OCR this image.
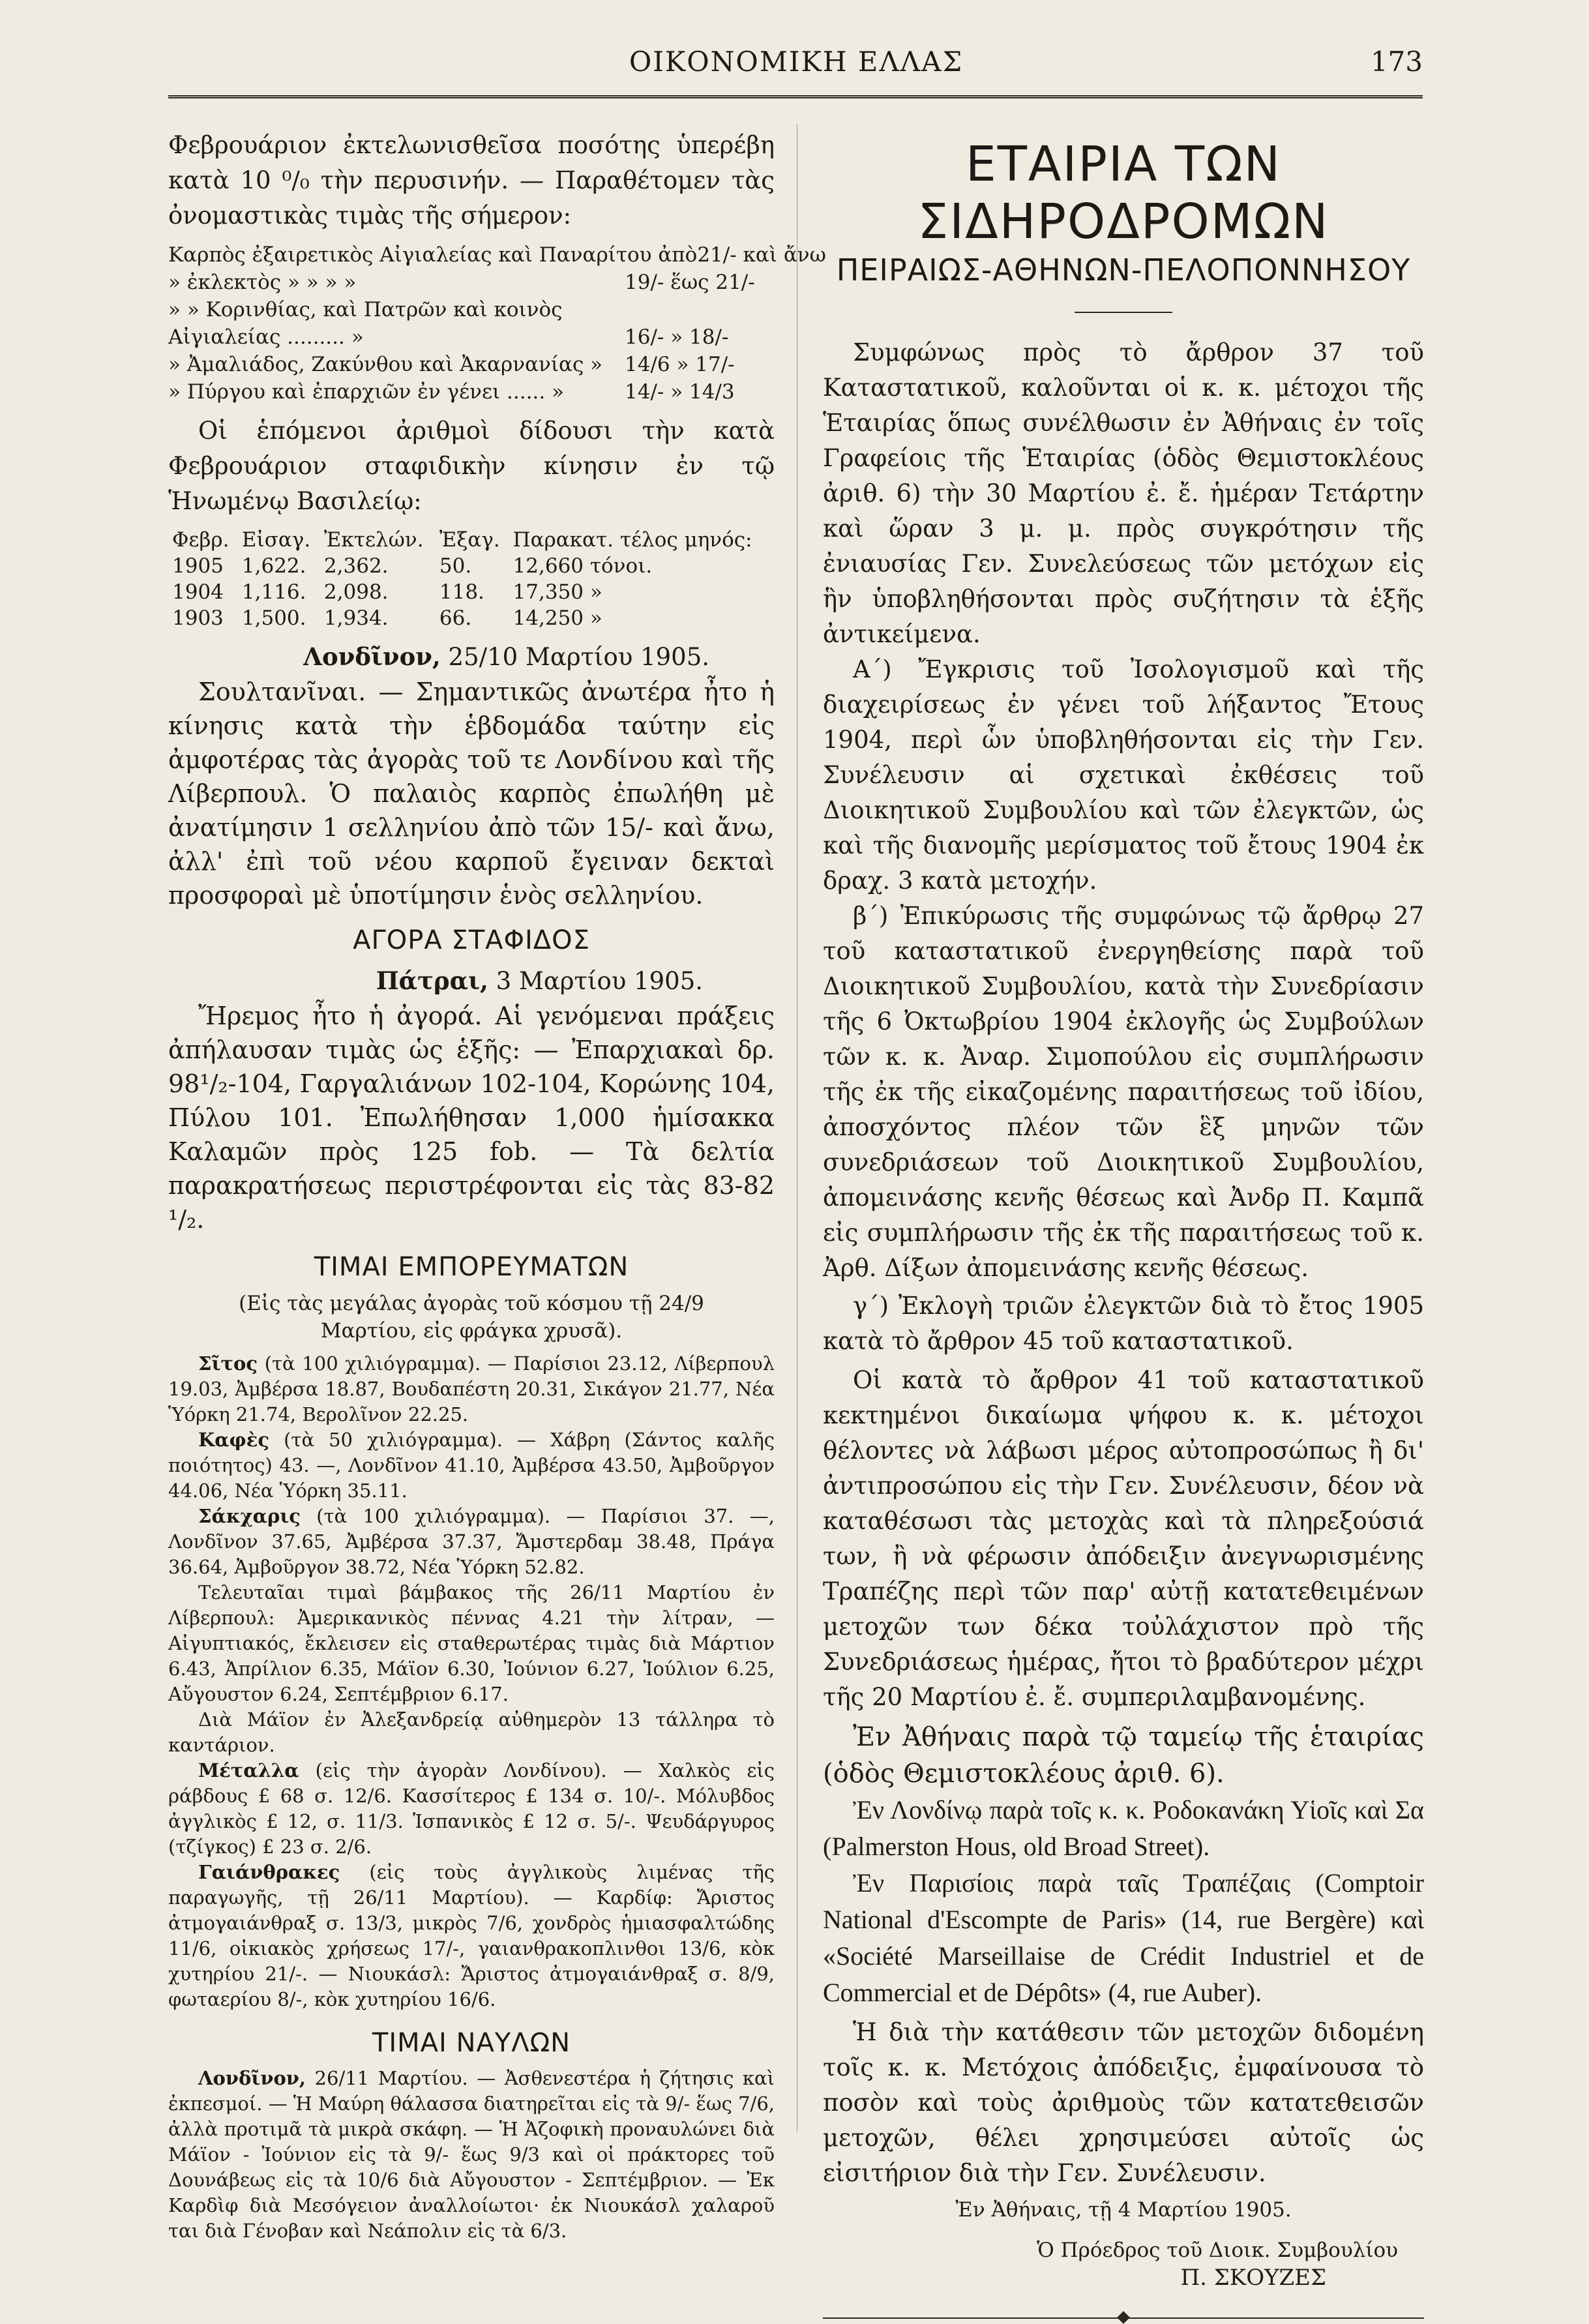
ΟΙΚΟΝΟΜΙΚΗ ΕΛΛΑΣ	173

Φεβρουάριον ἐκτελωνισθεῖσα ποσότης ὑπερέβη κατὰ 10 ⁰/₀ τὴν περυσινήν. — Παραθέτομεν τὰς ὀνομαστικὰς τιμὰς τῆς σήμερον:

Καρπὸς ἐξαιρετικὸς Αἰγιαλείας καὶ Παναρίτου ἀπὸ 21/- καὶ ἄνω
» ἐκλεκτὸς » » » »	19/- ἕως 21/-
» » Κορινθίας, καὶ Πατρῶν καὶ κοινὸς Αἰγιαλείας ......... »	16/- » 18/-
» Ἀμαλιάδος, Ζακύνθου καὶ Ἀκαρνανίας »	14/6 » 17/-
» Πύργου καὶ ἐπαρχιῶν ἐν γένει ...... »	14/- » 14/3

Οἱ ἑπόμενοι ἀριθμοὶ δίδουσι τὴν κατὰ Φεβρουάριον σταφιδικὴν κίνησιν ἐν τῷ Ἡνωμένῳ Βασιλείῳ:

Φεβρ.	Εἰσαγ.	Ἐκτελών.	Ἐξαγ.	Παρακατ. τέλος μηνός:
1905	1,622.	2,362.	50.	12,660 τόνοι.
1904	1,116.	2,098.	118.	17,350 »
1903	1,500.	1,934.	66.	14,250 »

Λονδῖνον, 25/10 Μαρτίου 1905.

Σουλτανῖναι. — Σημαντικῶς ἀνωτέρα ἦτο ἡ κίνησις κατὰ τὴν ἑβδομάδα ταύτην εἰς ἀμφοτέρας τὰς ἀγορὰς τοῦ τε Λονδίνου καὶ τῆς Λίβερπουλ. Ὁ παλαιὸς καρπὸς ἐπωλήθη μὲ ἀνατίμησιν 1 σελληνίου ἀπὸ τῶν 15/- καὶ ἄνω, ἀλλ' ἐπὶ τοῦ νέου καρποῦ ἔγειναν δεκταὶ προσφοραὶ μὲ ὑποτίμησιν ἑνὸς σελληνίου.

ΑΓΟΡΑ ΣΤΑΦΙΔΟΣ

Πάτραι, 3 Μαρτίου 1905.

Ἤρεμος ἦτο ἡ ἀγορά. Αἱ γενόμεναι πράξεις ἀπήλαυσαν τιμὰς ὡς ἑξῆς: — Ἐπαρχιακαὶ δρ. 98¹/₂-104, Γαργαλιάνων 102-104, Κορώνης 104, Πύλου 101. Ἐπωλήθησαν 1,000 ἡμίσακκα Καλαμῶν πρὸς 125 fob. — Τὰ δελτία παρακρατήσεως περιστρέφονται εἰς τὰς 83-82 ¹/₂.

ΤΙΜΑΙ ΕΜΠΟΡΕΥΜΑΤΩΝ

(Εἰς τὰς μεγάλας ἀγορὰς τοῦ κόσμου τῇ 24/9 Μαρτίου, εἰς φράγκα χρυσᾶ).

Σῖτος (τὰ 100 χιλιόγραμμα). — Παρίσιοι 23.12, Λίβερπουλ 19.03, Ἀμβέρσα 18.87, Βουδαπέστη 20.31, Σικάγον 21.77, Νέα Ὑόρκη 21.74, Βερολῖνον 22.25.

Καφὲς (τὰ 50 χιλιόγραμμα). — Χάβρη (Σάντος καλῆς ποιότητος) 43. —, Λονδῖνον 41.10, Ἀμβέρσα 43.50, Ἀμβοῦργον 44.06, Νέα Ὑόρκη 35.11.

Σάκχαρις (τὰ 100 χιλιόγραμμα). — Παρίσιοι 37. —, Λονδῖνον 37.65, Ἀμβέρσα 37.37, Ἄμστερδαμ 38.48, Πράγα 36.64, Ἀμβοῦργον 38.72, Νέα Ὑόρκη 52.82.

Τελευταῖαι τιμαὶ βάμβακος τῆς 26/11 Μαρτίου ἐν Λίβερπουλ: Ἀμερικανικὸς πέννας 4.21 τὴν λίτραν, — Αἰγυπτιακός, ἔκλεισεν εἰς σταθερωτέρας τιμὰς διὰ Μάρτιον 6.43, Ἀπρίλιον 6.35, Μάϊον 6.30, Ἰούνιον 6.27, Ἰούλιον 6.25, Αὔγουστον 6.24, Σεπτέμβριον 6.17.

Διὰ Μάϊον ἐν Ἀλεξανδρείᾳ αὐθημερὸν 13 τάλληρα τὸ καντάριον.

Μέταλλα (εἰς τὴν ἀγορὰν Λονδίνου). — Χαλκὸς εἰς ράβδους £ 68 σ. 12/6. Κασσίτερος £ 134 σ. 10/-. Μόλυβδος ἀγγλικὸς £ 12, σ. 11/3. Ἱσπανικὸς £ 12 σ. 5/-. Ψευδάργυρος (τζίγκος) £ 23 σ. 2/6.

Γαιάνθρακες (εἰς τοὺς ἀγγλικοὺς λιμένας τῆς παραγωγῆς, τῇ 26/11 Μαρτίου). — Καρδίφ: Ἄριστος ἀτμογαιάνθραξ σ. 13/3, μικρὸς 7/6, χονδρὸς ἡμιασφαλτώδης 11/6, οἰκιακὸς χρήσεως 17/-, γαιανθρακοπλινθοι 13/6, κὸκ χυτηρίου 21/-. — Νιουκάσλ: Ἄριστος ἀτμογαιάνθραξ σ. 8/9, φωταερίου 8/-, κὸκ χυτηρίου 16/6.

ΤΙΜΑΙ ΝΑΥΛΩΝ

Λονδῖνον, 26/11 Μαρτίου. — Ἀσθενεστέρα ἡ ζήτησις καὶ ἐκπεσμοί. — Ἡ Μαύρη θάλασσα διατηρεῖται εἰς τὰ 9/- ἕως 7/6, ἀλλὰ προτιμᾶ τὰ μικρὰ σκάφη. — Ἡ Ἀζοφικὴ προναυλώνει διὰ Μάϊον - Ἰούνιον εἰς τὰ 9/- ἕως 9/3 καὶ οἱ πράκτορες τοῦ Δουνάβεως εἰς τὰ 10/6 διὰ Αὔγουστον - Σεπτέμβριον. — Ἐκ Καρδὶφ διὰ Μεσόγειον ἀναλλοίωτοι· ἐκ Νιουκάσλ χαλαροῦ ται διὰ Γένοβαν καὶ Νεάπολιν εἰς τὰ 6/3.

ΕΤΑΙΡΙΑ ΤΩΝ ΣΙΔΗΡΟΔΡΟΜΩΝ
ΠΕΙΡΑΙΩΣ-ΑΘΗΝΩΝ-ΠΕΛΟΠΟΝΝΗΣΟΥ

Συμφώνως πρὸς τὸ ἄρθρον 37 τοῦ Καταστατικοῦ, καλοῦνται οἱ κ. κ. μέτοχοι τῆς Ἑταιρίας ὅπως συνέλθωσιν ἐν Ἀθήναις ἐν τοῖς Γραφείοις τῆς Ἑταιρίας (ὁδὸς Θεμιστοκλέους ἀριθ. 6) τὴν 30 Μαρτίου ἐ. ἔ. ἡμέραν Τετάρτην καὶ ὥραν 3 μ. μ. πρὸς συγκρότησιν τῆς ἐνιαυσίας Γεν. Συνελεύσεως τῶν μετόχων εἰς ἣν ὑποβληθήσονται πρὸς συζήτησιν τὰ ἑξῆς ἀντικείμενα.

Α΄) Ἔγκρισις τοῦ Ἰσολογισμοῦ καὶ τῆς διαχειρίσεως ἐν γένει τοῦ λήξαντος Ἔτους 1904, περὶ ὧν ὑποβληθήσονται εἰς τὴν Γεν. Συνέλευσιν αἱ σχετικαὶ ἐκθέσεις τοῦ Διοικητικοῦ Συμβουλίου καὶ τῶν ἐλεγκτῶν, ὡς καὶ τῆς διανομῆς μερίσματος τοῦ ἔτους 1904 ἐκ δραχ. 3 κατὰ μετοχήν.

β΄) Ἐπικύρωσις τῆς συμφώνως τῷ ἄρθρῳ 27 τοῦ καταστατικοῦ ἐνεργηθείσης παρὰ τοῦ Διοικητικοῦ Συμβουλίου, κατὰ τὴν Συνεδρίασιν τῆς 6 Ὀκτωβρίου 1904 ἐκλογῆς ὡς Συμβούλων τῶν κ. κ. Ἀναρ. Σιμοπούλου εἰς συμπλήρωσιν τῆς ἐκ τῆς εἰκαζομένης παραιτήσεως τοῦ ἰδίου, ἀποσχόντος πλέον τῶν ἓξ μηνῶν τῶν συνεδριάσεων τοῦ Διοικητικοῦ Συμβουλίου, ἀπομεινάσης κενῆς θέσεως καὶ Ἀνδρ Π. Καμπᾶ εἰς συμπλήρωσιν τῆς ἐκ τῆς παραιτήσεως τοῦ κ. Ἀρθ. Δίξων ἀπομεινάσης κενῆς θέσεως.

γ΄) Ἐκλογὴ τριῶν ἐλεγκτῶν διὰ τὸ ἔτος 1905 κατὰ τὸ ἄρθρον 45 τοῦ καταστατικοῦ.

Οἱ κατὰ τὸ ἄρθρον 41 τοῦ καταστατικοῦ κεκτημένοι δικαίωμα ψήφου κ. κ. μέτοχοι θέλοντες νὰ λάβωσι μέρος αὐτοπροσώπως ἢ δι' ἀντιπροσώπου εἰς τὴν Γεν. Συνέλευσιν, δέον νὰ καταθέσωσι τὰς μετοχὰς καὶ τὰ πληρεξούσιά των, ἢ νὰ φέρωσιν ἀπόδειξιν ἀνεγνωρισμένης Τραπέζης περὶ τῶν παρ' αὐτῇ κατατεθειμένων μετοχῶν των δέκα τοὐλάχιστον πρὸ τῆς Συνεδριάσεως ἡμέρας, ἤτοι τὸ βραδύτερον μέχρι τῆς 20 Μαρτίου ἐ. ἔ. συμπεριλαμβανομένης.

Ἐν Ἀθήναις παρὰ τῷ ταμείῳ τῆς ἑταιρίας (ὁδὸς Θεμιστοκλέους ἀριθ. 6).

Ἐν Λονδίνῳ παρὰ τοῖς κ. κ. Ροδοκανάκη Υἱοῖς καὶ Σα (Palmerston Hous, old Broad Street).

Ἐν Παρισίοις παρὰ ταῖς Τραπέζαις (Comptoir National d'Escompte de Paris» (14, rue Bergère) καὶ «Société Marseillaise de Crédit Industriel et de Commercial et de Dépôts» (4, rue Auber).

Ἡ διὰ τὴν κατάθεσιν τῶν μετοχῶν διδομένη τοῖς κ. κ. Μετόχοις ἀπόδειξις, ἐμφαίνουσα τὸ ποσὸν καὶ τοὺς ἀριθμοὺς τῶν κατατεθεισῶν μετοχῶν, θέλει χρησιμεύσει αὐτοῖς ὡς εἰσιτήριον διὰ τὴν Γεν. Συνέλευσιν.

Ἐν Ἀθήναις, τῇ 4 Μαρτίου 1905.

Ὁ Πρόεδρος τοῦ Διοικ. Συμβουλίου

Π. ΣΚΟΥΖΕΣ
